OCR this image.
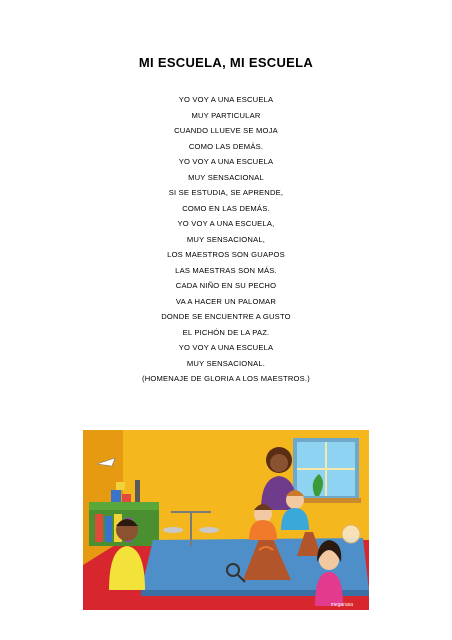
MI ESCUELA, MI ESCUELA
YO VOY A UNA ESCUELA
MUY PARTICULAR
CUANDO LLUEVE SE MOJA
COMO LAS DEMÁS.
YO VOY A UNA ESCUELA
MUY SENSACIONAL
SI SE ESTUDIA, SE APRENDE,
COMO EN LAS DEMÁS.
YO VOY A UNA ESCUELA,
MUY SENSACIONAL,
LOS MAESTROS SON GUAPOS
LAS MAESTRAS SON MÁS.
CADA NIÑO EN SU PECHO
VA A HACER UN PALOMAR
DONDE SE ENCUENTRE A GUSTO
EL PICHÓN DE LA PAZ.
YO VOY A UNA ESCUELA
MUY SENSACIONAL.
(HOMENAJE DE GLORIA A LOS MAESTROS.)
megarasa
